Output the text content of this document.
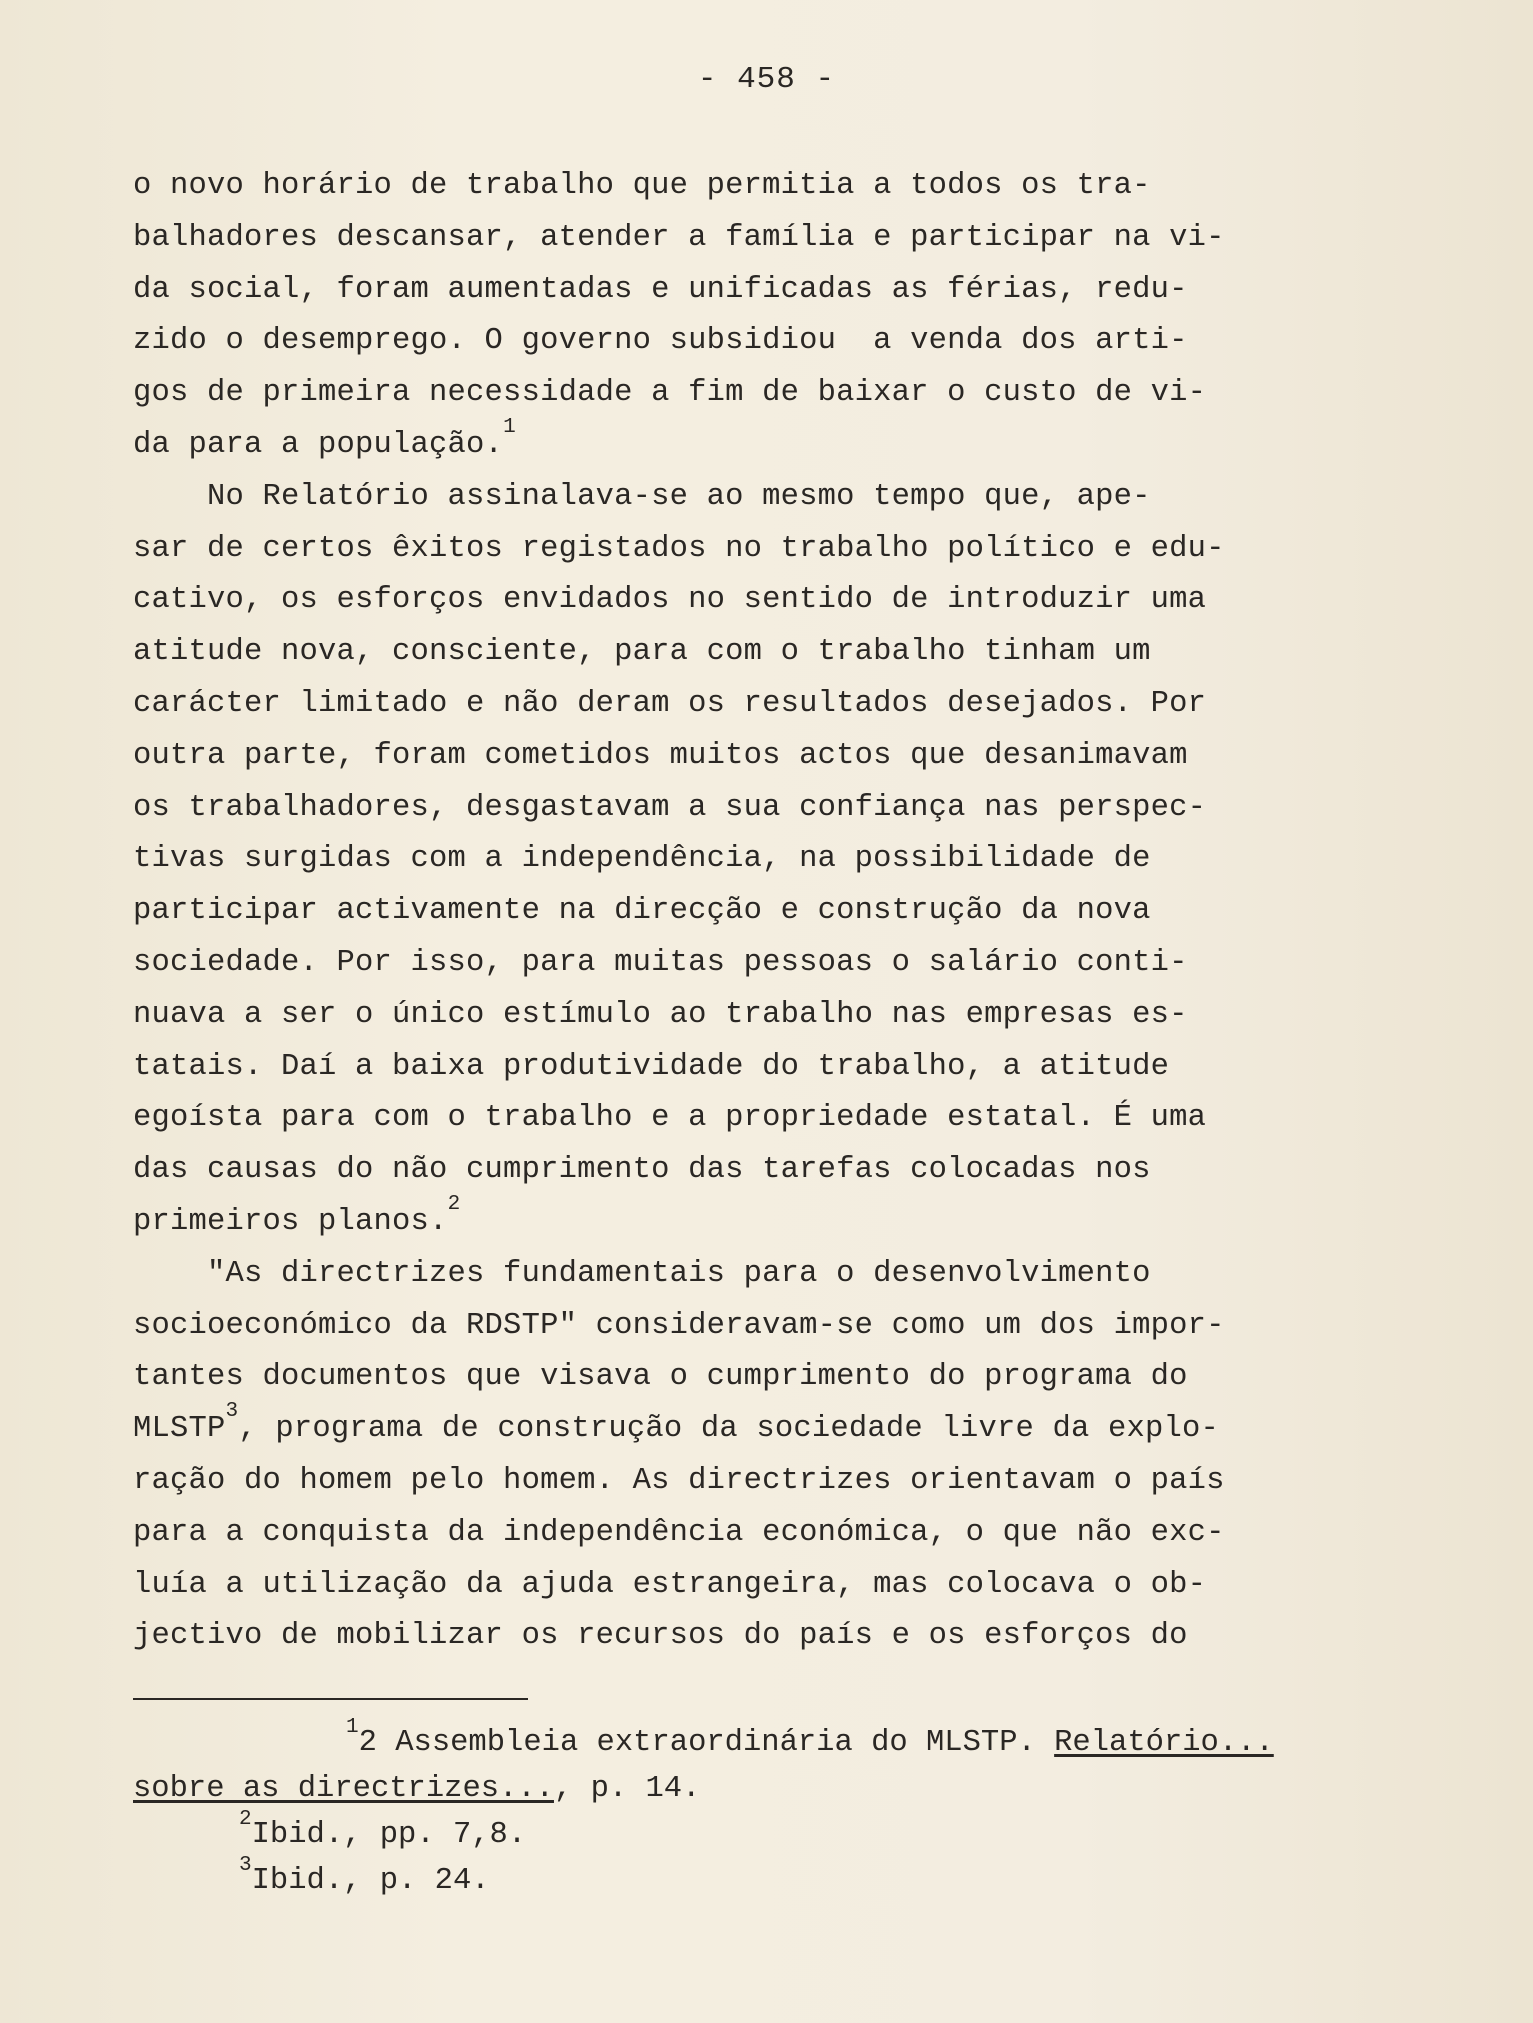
- 458 -
o novo horário de trabalho que permitia a todos os tra-
balhadores descansar, atender a família e participar na vi-
da social, foram aumentadas e unificadas as férias, redu-
zido o desemprego. O governo subsidiou  a venda dos arti-
gos de primeira necessidade a fim de baixar o custo de vi-
da para a população.$^1$
No Relatório assinalava-se ao mesmo tempo que, ape-
sar de certos êxitos registados no trabalho político e edu-
cativo, os esforços envidados no sentido de introduzir uma
atitude nova, consciente, para com o trabalho tinham um
carácter limitado e não deram os resultados desejados. Por
outra parte, foram cometidos muitos actos que desanimavam
os trabalhadores, desgastavam a sua confiança nas perspec-
tivas surgidas com a independência, na possibilidade de
participar activamente na direcção e construção da nova
sociedade. Por isso, para muitas pessoas o salário conti-
nuava a ser o único estímulo ao trabalho nas empresas es-
tatais. Daí a baixa produtividade do trabalho, a atitude
egoísta para com o trabalho e a propriedade estatal. É uma
das causas do não cumprimento das tarefas colocadas nos
primeiros planos.$^2$
"As directrizes fundamentais para o desenvolvimento
socioeconómico da RDSTP" consideravam-se como um dos impor-
tantes documentos que visava o cumprimento do programa do
MLSTP$^3$, programa de construção da sociedade livre da explo-
ração do homem pelo homem. As directrizes orientavam o país
para a conquista da independência económica, o que não exc-
luía a utilização da ajuda estrangeira, mas colocava o ob-
jectivo de mobilizar os recursos do país e os esforços do
$^1$2 Assembleia extraordinária do MLSTP. Relatório...
sobre as directrizes..., p. 14.
$^2$Ibid., pp. 7,8.
$^3$Ibid., p. 24.
